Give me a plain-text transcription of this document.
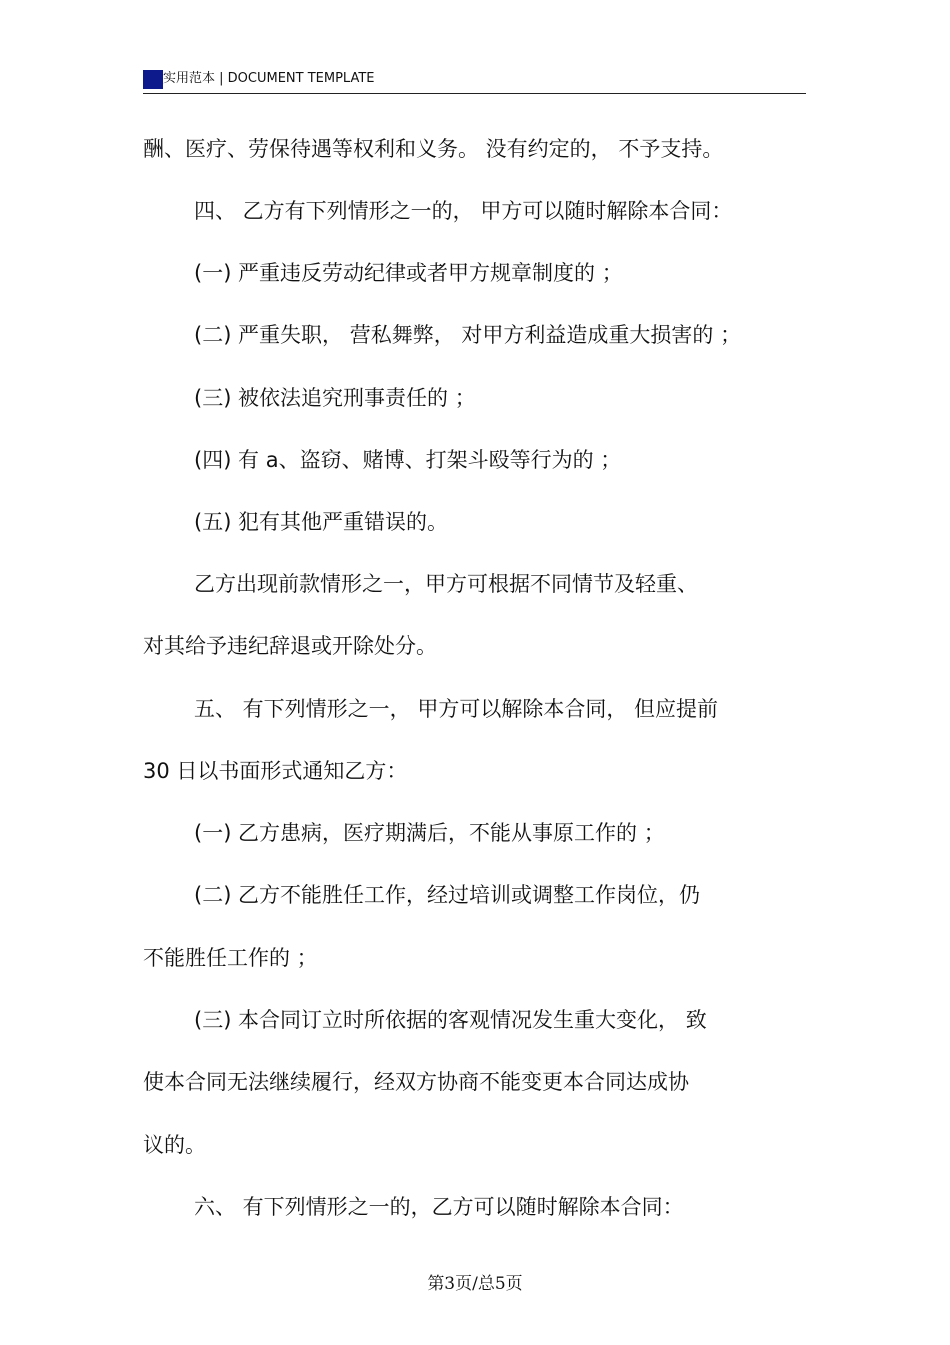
实用范本 | DOCUMENT TEMPLATE
酬、医疗、劳保待遇等权利和义务。 没有约定的， 不予支持。
四、 乙方有下列情形之一的， 甲方可以随时解除本合同：
(一) 严重违反劳动纪律或者甲方规章制度的 ；
(二) 严重失职， 营私舞弊， 对甲方利益造成重大损害的 ；
(三) 被依法追究刑事责任的 ；
(四) 有 a、盗窃、赌博、打架斗殴等行为的 ；
(五) 犯有其他严重错误的。
乙方出现前款情形之一，甲方可根据不同情节及轻重、
对其给予违纪辞退或开除处分。
五、 有下列情形之一， 甲方可以解除本合同， 但应提前
30 日以书面形式通知乙方：
(一) 乙方患病，医疗期满后，不能从事原工作的 ；
(二) 乙方不能胜任工作，经过培训或调整工作岗位，仍
不能胜任工作的 ；
(三) 本合同订立时所依据的客观情况发生重大变化， 致
使本合同无法继续履行，经双方协商不能变更本合同达成协
议的。
六、 有下列情形之一的，乙方可以随时解除本合同：
第3页/总5页
